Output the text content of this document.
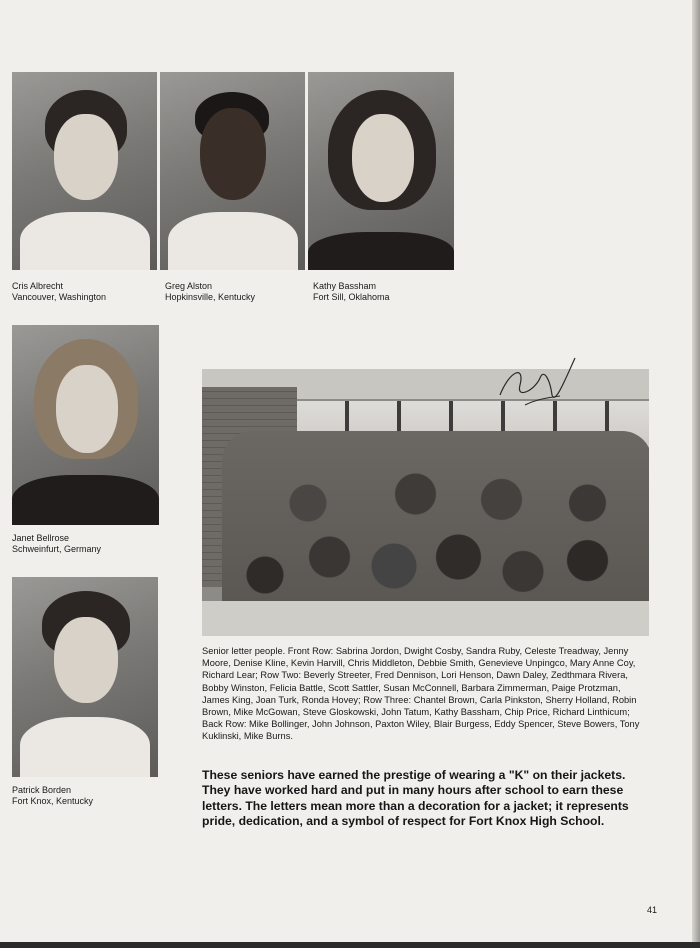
Cris Albrecht
Vancouver, Washington
Greg Alston
Hopkinsville, Kentucky
Kathy Bassham
Fort Sill, Oklahoma
Janet Bellrose
Schweinfurt, Germany
Patrick Borden
Fort Knox, Kentucky
Senior letter people. Front Row: Sabrina Jordon, Dwight Cosby, Sandra Ruby, Celeste Treadway, Jenny Moore, Denise Kline, Kevin Harvill, Chris Middleton, Debbie Smith, Genevieve Unpingco, Mary Anne Coy, Richard Lear; Row Two: Beverly Streeter, Fred Dennison, Lori Henson, Dawn Daley, Zedthmara Rivera, Bobby Winston, Felicia Battle, Scott Sattler, Susan McConnell, Barbara Zimmerman, Paige Protzman, James King, Joan Turk, Ronda Hovey; Row Three: Chantel Brown, Carla Pinkston, Sherry Holland, Robin Brown, Mike McGowan, Steve Gloskowski, John Tatum, Kathy Bassham, Chip Price, Richard Linthicum; Back Row: Mike Bollinger, John Johnson, Paxton Wiley, Blair Burgess, Eddy Spencer, Steve Bowers, Tony Kuklinski, Mike Burns.
These seniors have earned the prestige of wearing a "K" on their jackets. They have worked hard and put in many hours after school to earn these letters. The letters mean more than a decoration for a jacket; it represents pride, dedication, and a symbol of respect for Fort Knox High School.
41
